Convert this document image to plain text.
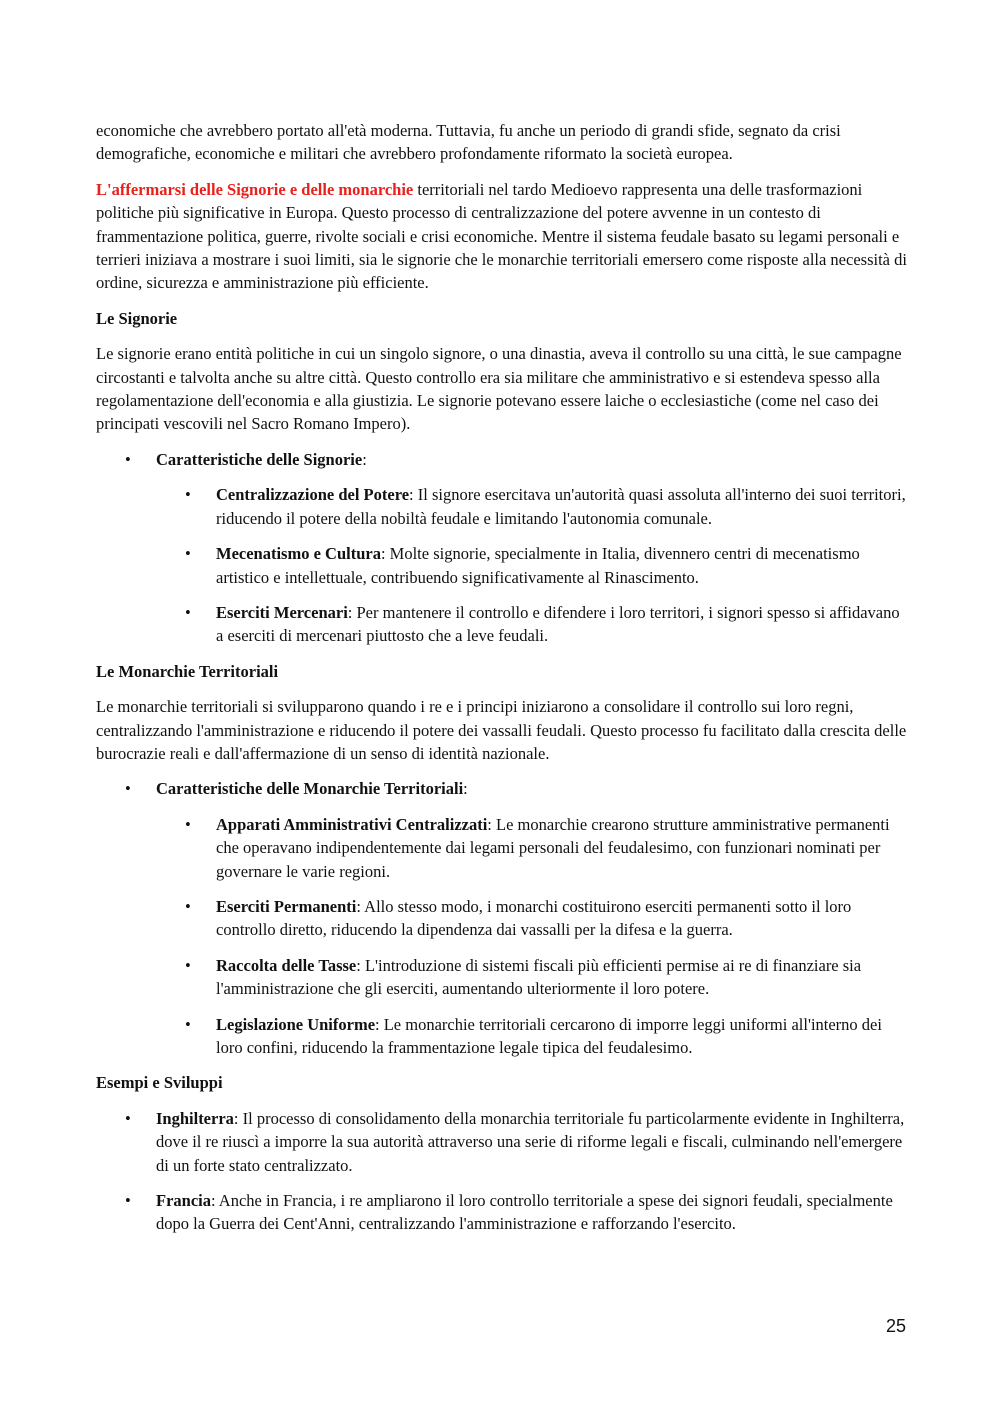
economiche che avrebbero portato all'età moderna. Tuttavia, fu anche un periodo di grandi sfide, segnato da crisi demografiche, economiche e militari che avrebbero profondamente riformato la società europea.

L'affermarsi delle Signorie e delle monarchie territoriali nel tardo Medioevo rappresenta una delle trasformazioni politiche più significative in Europa. Questo processo di centralizzazione del potere avvenne in un contesto di frammentazione politica, guerre, rivolte sociali e crisi economiche. Mentre il sistema feudale basato su legami personali e terrieri iniziava a mostrare i suoi limiti, sia le signorie che le monarchie territoriali emersero come risposte alla necessità di ordine, sicurezza e amministrazione più efficiente.

Le Signorie

Le signorie erano entità politiche in cui un singolo signore, o una dinastia, aveva il controllo su una città, le sue campagne circostanti e talvolta anche su altre città. Questo controllo era sia militare che amministrativo e si estendeva spesso alla regolamentazione dell'economia e alla giustizia. Le signorie potevano essere laiche o ecclesiastiche (come nel caso dei principati vescovili nel Sacro Romano Impero).

• Caratteristiche delle Signorie:
• Centralizzazione del Potere: Il signore esercitava un'autorità quasi assoluta all'interno dei suoi territori, riducendo il potere della nobiltà feudale e limitando l'autonomia comunale.
• Mecenatismo e Cultura: Molte signorie, specialmente in Italia, divennero centri di mecenatismo artistico e intellettuale, contribuendo significativamente al Rinascimento.
• Eserciti Mercenari: Per mantenere il controllo e difendere i loro territori, i signori spesso si affidavano a eserciti di mercenari piuttosto che a leve feudali.
Le Monarchie Territoriali

Le monarchie territoriali si svilupparono quando i re e i principi iniziarono a consolidare il controllo sui loro regni, centralizzando l'amministrazione e riducendo il potere dei vassalli feudali. Questo processo fu facilitato dalla crescita delle burocrazie reali e dall'affermazione di un senso di identità nazionale.

• Caratteristiche delle Monarchie Territoriali:
• Apparati Amministrativi Centralizzati: Le monarchie crearono strutture amministrative permanenti che operavano indipendentemente dai legami personali del feudalesimo, con funzionari nominati per governare le varie regioni.
• Eserciti Permanenti: Allo stesso modo, i monarchi costituirono eserciti permanenti sotto il loro controllo diretto, riducendo la dipendenza dai vassalli per la difesa e la guerra.
• Raccolta delle Tasse: L'introduzione di sistemi fiscali più efficienti permise ai re di finanziare sia l'amministrazione che gli eserciti, aumentando ulteriormente il loro potere.
• Legislazione Uniforme: Le monarchie territoriali cercarono di imporre leggi uniformi all'interno dei loro confini, riducendo la frammentazione legale tipica del feudalesimo.
Esempi e Sviluppi
• Inghilterra: Il processo di consolidamento della monarchia territoriale fu particolarmente evidente in Inghilterra, dove il re riuscì a imporre la sua autorità attraverso una serie di riforme legali e fiscali, culminando nell'emergere di un forte stato centralizzato.
• Francia: Anche in Francia, i re ampliarono il loro controllo territoriale a spese dei signori feudali, specialmente dopo la Guerra dei Cent'Anni, centralizzando l'amministrazione e rafforzando l'esercito.
25
